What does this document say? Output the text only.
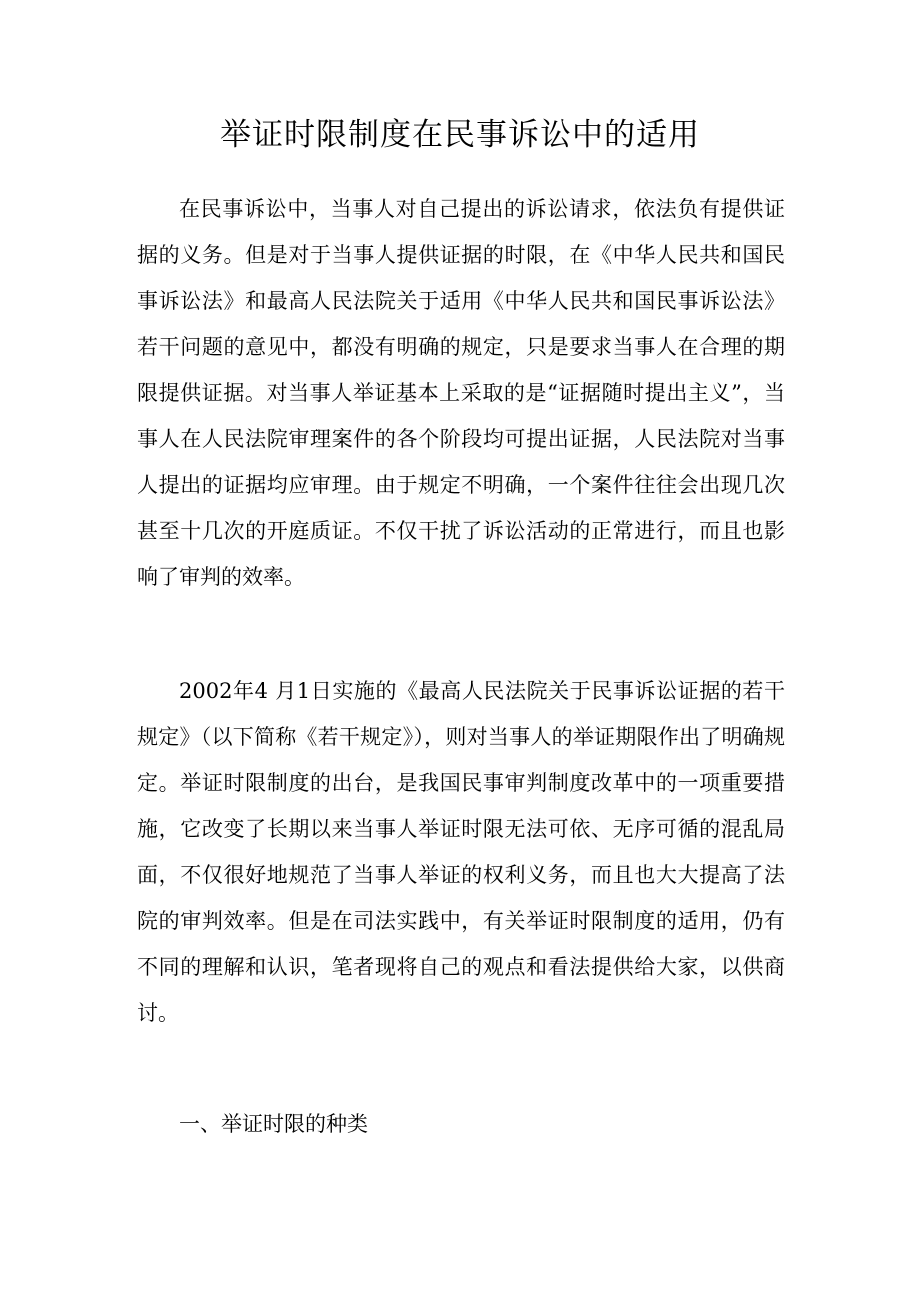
举证时限制度在民事诉讼中的适用

在民事诉讼中，当事人对自己提出的诉讼请求，依法负有提供证据的义务。但是对于当事人提供证据的时限，在《中华人民共和国民事诉讼法》和最高人民法院关于适用《中华人民共和国民事诉讼法》若干问题的意见中，都没有明确的规定，只是要求当事人在合理的期限提供证据。对当事人举证基本上采取的是“证据随时提出主义”，当事人在人民法院审理案件的各个阶段均可提出证据，人民法院对当事人提出的证据均应审理。由于规定不明确，一个案件往往会出现几次甚至十几次的开庭质证。不仅干扰了诉讼活动的正常进行，而且也影响了审判的效率。

2002年4 月1日实施的《最高人民法院关于民事诉讼证据的若干规定》（以下简称《若干规定》），则对当事人的举证期限作出了明确规定。举证时限制度的出台，是我国民事审判制度改革中的一项重要措施，它改变了长期以来当事人举证时限无法可依、无序可循的混乱局面，不仅很好地规范了当事人举证的权利义务，而且也大大提高了法院的审判效率。但是在司法实践中，有关举证时限制度的适用，仍有不同的理解和认识，笔者现将自己的观点和看法提供给大家，以供商讨。

一、举证时限的种类
